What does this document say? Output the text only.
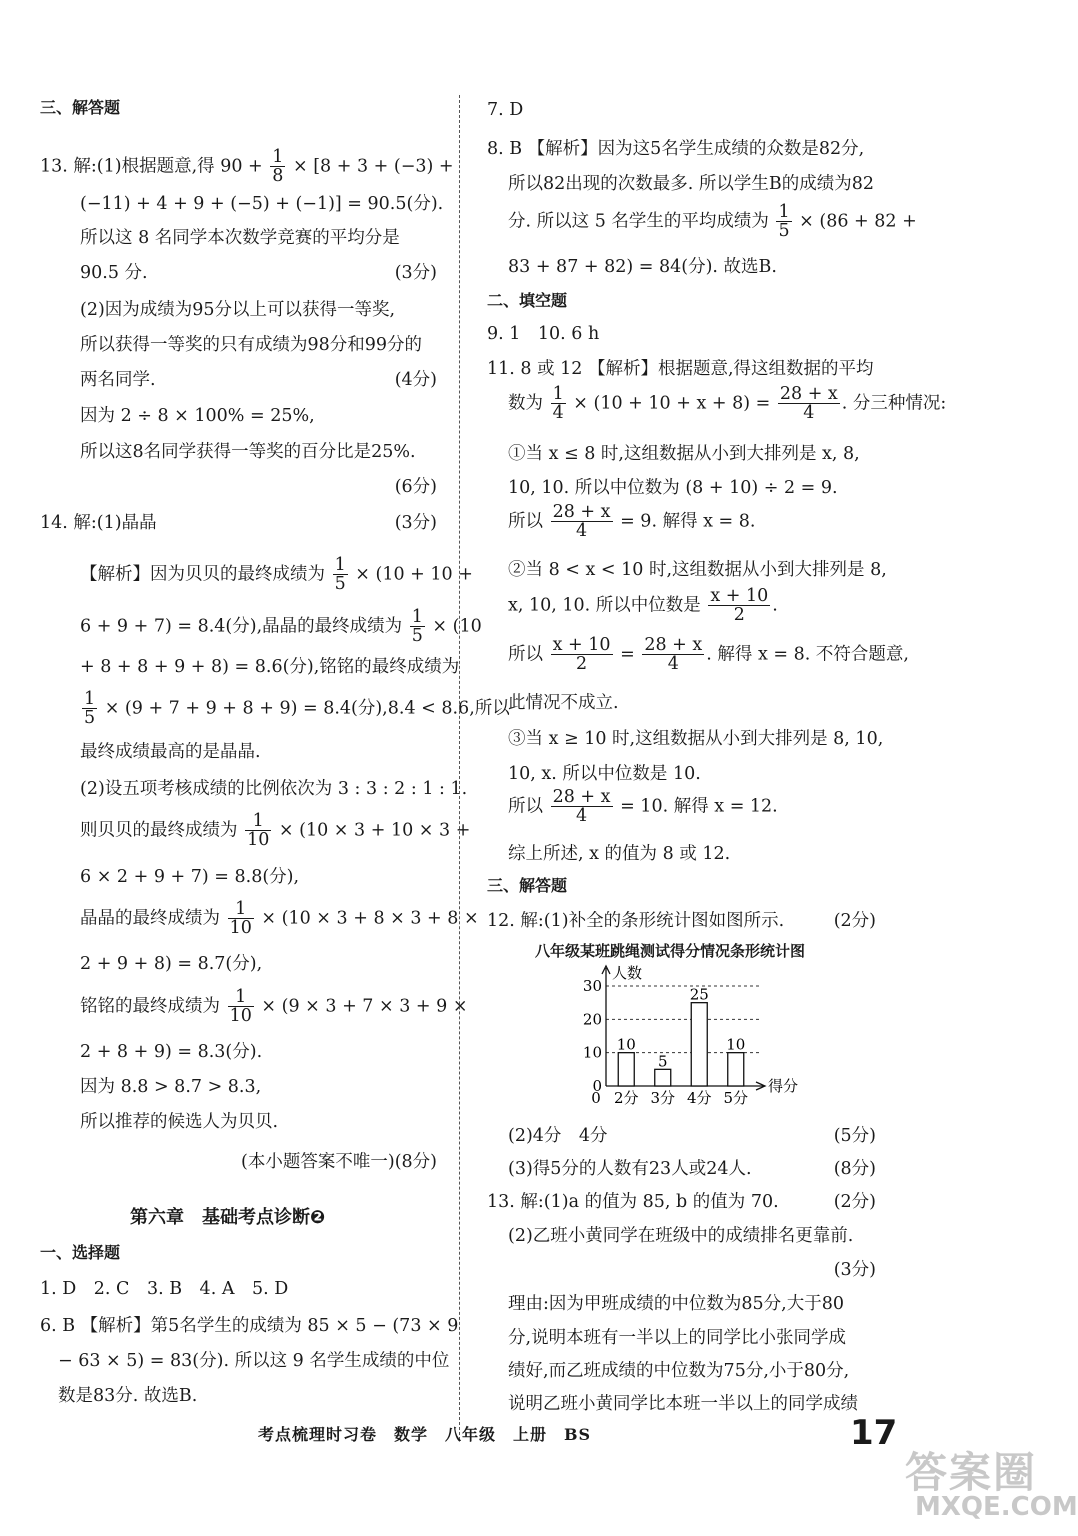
三、解答题
13. 解:(1)根据题意,得 $90 + \frac{1}{8} \times [8 + 3 + (-3)$ +
(−11) + 4 + 9 + (−5) + (−1)] = 90.5(分).
所以这 8 名同学本次数学竞赛的平均分是
90.5 分.	(3分)
(2)因为成绩为95分以上可以获得一等奖,
所以获得一等奖的只有成绩为98分和99分的
两名同学.	(4分)
因为 2 ÷ 8 × 100% = 25%,
所以这8名同学获得一等奖的百分比是25%.
(6分)
14. 解:(1)晶晶	(3分)
【解析】因为贝贝的最终成绩为 $\frac{1}{5} \times (10 + 10$ +
6 + 9 + 7) = 8.4(分),晶晶的最终成绩为 $\frac{1}{5} \times (10$
+ 8 + 8 + 9 + 8) = 8.6(分),铭铭的最终成绩为
$\frac{1}{5} \times (9 + 7 + 9 + 8 + 9) = 8.4$(分),8.4 < 8.6,所以
最终成绩最高的是晶晶.
(2)设五项考核成绩的比例依次为 3 : 3 : 2 : 1 : 1.
则贝贝的最终成绩为 $\frac{1}{10} \times (10 \times 3 + 10 \times 3$ +
6 × 2 + 9 + 7) = 8.8(分),
晶晶的最终成绩为 $\frac{1}{10} \times (10 \times 3 + 8 \times 3 + 8$ ×
2 + 9 + 8) = 8.7(分),
铭铭的最终成绩为 $\frac{1}{10} \times (9 \times 3 + 7 \times 3 + 9$ ×
2 + 8 + 9) = 8.3(分).
因为 8.8 > 8.7 > 8.3,
所以推荐的候选人为贝贝.
(本小题答案不唯一)(8分)
第六章　基础考点诊断❷
一、选择题
1. D　2. C　3. B　4. A　5. D
6. B 【解析】第5名学生的成绩为 85 × 5 − (73 × 9
− 63 × 5) = 83(分). 所以这 9 名学生成绩的中位
数是83分. 故选B.
7. D
8. B 【解析】因为这5名学生成绩的众数是82分,
所以82出现的次数最多. 所以学生B的成绩为82
分. 所以这 5 名学生的平均成绩为 $\frac{1}{5} \times (86 + 82$ +
83 + 87 + 82) = 84(分). 故选B.
二、填空题
9. 1　10. 6 h
11. 8 或 12 【解析】根据题意,得这组数据的平均
数为 $\frac{1}{4} \times (10 + 10 + x + 8) = \frac{28 + x}{4}$ . 分三种情况:
①当 x ≤ 8 时,这组数据从小到大排列是 x, 8,
10, 10. 所以中位数为 (8 + 10) ÷ 2 = 9.
所以 $\frac{28 + x}{4} = 9$. 解得 x = 8.
②当 8 < x < 10 时,这组数据从小到大排列是 8,
x, 10, 10. 所以中位数是 $\frac{x + 10}{2}$ .
所以 $\frac{x + 10}{2} = \frac{28 + x}{4}$ . 解得 x = 8. 不符合题意,
此情况不成立.
③当 x ≥ 10 时,这组数据从小到大排列是 8, 10,
10, x. 所以中位数是 10.
所以 $\frac{28 + x}{4} = 10$. 解得 x = 12.
综上所述, x 的值为 8 或 12.
三、解答题
12. 解:(1)补全的条形统计图如图所示.	(2分)
(2)4分　4分	(5分)
(3)得5分的人数有23人或24人.	(8分)
13. 解:(1)a 的值为 85, b 的值为 70.	(2分)
(2)乙班小黄同学在班级中的成绩排名更靠前.
(3分)
理由:因为甲班成绩的中位数为85分,大于80
分,说明本班有一半以上的同学比小张同学成
绩好,而乙班成绩的中位数为75分,小于80分,
说明乙班小黄同学比本班一半以上的同学成绩
八年级某班跳绳测试得分情况条形统计图
0
10
20
30
人数
得分
10
2分
5
3分
25
4分
10
5分
0
考点梳理时习卷　数学　八年级　上册　BS	17
答案圈
MXQE.COM
